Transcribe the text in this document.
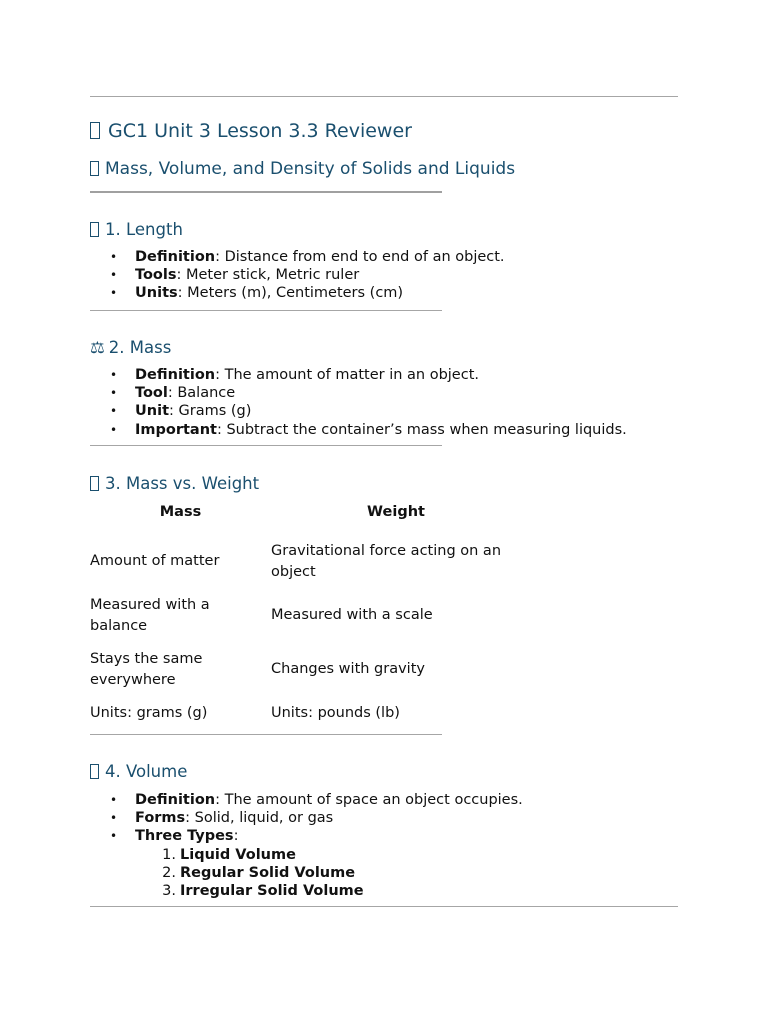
GC1 Unit 3 Lesson 3.3 Reviewer
Mass, Volume, and Density of Solids and Liquids
1. Length
• Definition: Distance from end to end of an object.
• Tools: Meter stick, Metric ruler
• Units: Meters (m), Centimeters (cm)
⚖ 2. Mass
• Definition: The amount of matter in an object.
• Tool: Balance
• Unit: Grams (g)
• Important: Subtract the container’s mass when measuring liquids.
3. Mass vs. Weight
Mass	Weight
Amount of matter	Gravitational force acting on an object
Measured with a balance	Measured with a scale
Stays the same everywhere	Changes with gravity
Units: grams (g)	Units: pounds (lb)
4. Volume
• Definition: The amount of space an object occupies.
• Forms: Solid, liquid, or gas
• Three Types:
1. Liquid Volume
2. Regular Solid Volume
3. Irregular Solid Volume
